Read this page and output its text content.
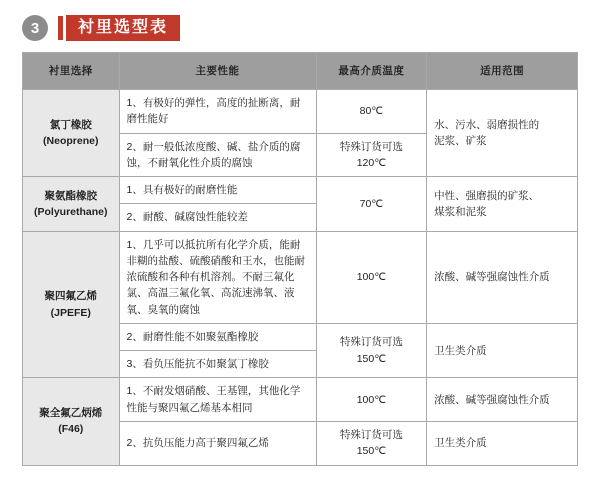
3	衬里选型表
衬里选择	主要性能	最高介质温度	适用范围
氯丁橡胶
(Neoprene)	1、有极好的弹性，高度的扯断离，耐磨性能好	80℃	水、污水、弱磨损性的
泥浆、矿浆
	2、耐一般低浓度酸、碱、盐介质的腐蚀，不耐氧化性介质的腐蚀	特殊订货可选
120℃	
聚氨酯橡胶
(Polyurethane)	1、具有极好的耐磨性能	70℃	中性、强磨损的矿浆、
煤浆和泥浆
	2、耐酸、碱腐蚀性能较差		
聚四氟乙烯
(JPEFE)	1、几乎可以抵抗所有化学介质，能耐非糊的盐酸、硫酸硝酸和王水，也能耐浓硫酸和各种有机溶剂。不耐三氟化氯、高温三氟化氧、高流速沸氧、液氧、臭氧的腐蚀	100℃	浓酸、碱等强腐蚀性介质
	2、耐磨性能不如聚氨酯橡胶	特殊订货可选
150℃	卫生类介质
	3、看负压能抗不如聚氯丁橡胶		
聚全氟乙炳烯
(F46)	1、不耐发烟硝酸、王基锂，其他化学性能与聚四氟乙烯基本相同	100℃	浓酸、碱等强腐蚀性介质
	2、抗负压能力高于聚四氟乙烯	特殊订货可选
150℃	卫生类介质
